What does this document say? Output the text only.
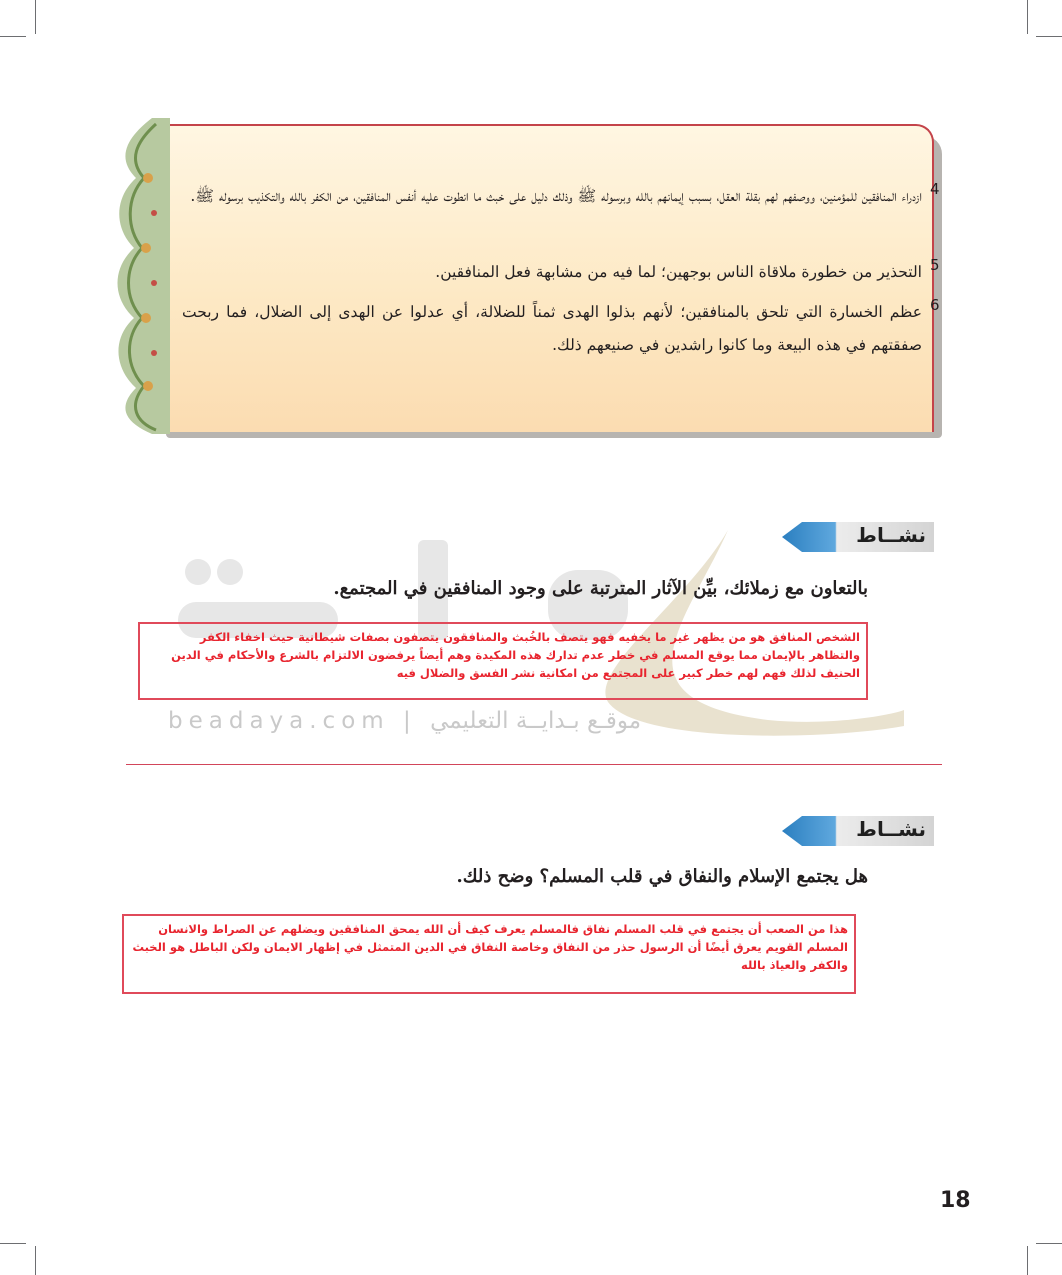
4
ازدراء المنافقين للمؤمنين، ووصفهم لهم بقلة العقل، بسبب إيمانهم بالله وبرسوله ﷺ وذلك دليل على خبث ما انطوت عليه أنفس المنافقين، من الكفر بالله والتكذيب برسوله ﷺ.
5
التحذير من خطورة ملاقاة الناس بوجهين؛ لما فيه من مشابهة فعل المنافقين.
6
عظم الخسارة التي تلحق بالمنافقين؛ لأنهم بذلوا الهدى ثمناً للضلالة، أي عدلوا عن الهدى إلى الضلال، فما ربحت صفقتهم في هذه البيعة وما كانوا راشدين في صنيعهم ذلك.
نشــاط
بالتعاون مع زملائك، بيِّن الآثار المترتبة على وجود المنافقين في المجتمع.
الشخص المنافق هو من يظهر غير ما يخفيه فهو يتصف بالخُبث والمنافقون يتصفون بصفات شيطانية حيث اخفاء الكفر والتظاهر بالإيمان مما يوقع المسلم في خطر عدم تدارك هذه المكيدة وهم أيضاً يرفضون الالتزام بالشرع والأحكام في الدين الحنيف لذلك فهم لهم خطر كبير على المجتمع من امكانية نشر الفسق والضلال فيه
beadaya.com | موقـع بـدايــة التعليمي
نشــاط
هل يجتمع الإسلام والنفاق في قلب المسلم؟ وضح ذلك.
هذا من الصعب أن يجتمع في قلب المسلم نفاق فالمسلم يعرف كيف أن الله يمحق المنافقين ويضلهم عن الصراط والانسان المسلم القويم يعرق أيضًا أن الرسول حذر من النفاق وخاصة النفاق في الدين المتمثل في إظهار الايمان ولكن الباطل هو الخبث والكفر والعياذ بالله
18
